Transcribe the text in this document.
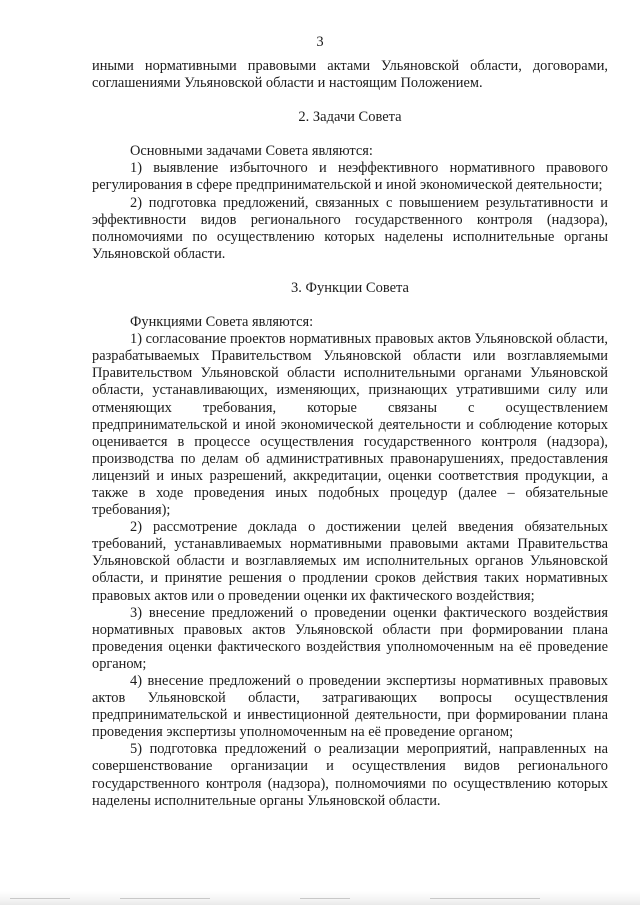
3

иными нормативными правовыми актами Ульяновской области, договорами, соглашениями Ульяновской области и настоящим Положением.

2. Задачи Совета

Основными задачами Совета являются:

1) выявление избыточного и неэффективного нормативного правового регулирования в сфере предпринимательской и иной экономической деятельности;

2) подготовка предложений, связанных с повышением результативности и эффективности видов регионального государственного контроля (надзора), полномочиями по осуществлению которых наделены исполнительные органы Ульяновской области.

3. Функции Совета

Функциями Совета являются:

1) согласование проектов нормативных правовых актов Ульяновской области, разрабатываемых Правительством Ульяновской области или возглавляемыми Правительством Ульяновской области исполнительными органами Ульяновской области, устанавливающих, изменяющих, признающих утратившими силу или отменяющих требования, которые связаны с осуществлением предпринимательской и иной экономической деятельности и соблюдение которых оценивается в процессе осуществления государственного контроля (надзора), производства по делам об административных правонарушениях, предоставления лицензий и иных разрешений, аккредитации, оценки соответствия продукции, а также в ходе проведения иных подобных процедур (далее – обязательные требования);

2) рассмотрение доклада о достижении целей введения обязательных требований, устанавливаемых нормативными правовыми актами Правительства Ульяновской области и возглавляемых им исполнительных органов Ульяновской области, и принятие решения о продлении сроков действия таких нормативных правовых актов или о проведении оценки их фактического воздействия;

3) внесение предложений о проведении оценки фактического воздействия нормативных правовых актов Ульяновской области при формировании плана проведения оценки фактического воздействия уполномоченным на её проведение органом;

4) внесение предложений о проведении экспертизы нормативных правовых актов Ульяновской области, затрагивающих вопросы осуществления предпринимательской и инвестиционной деятельности, при формировании плана проведения экспертизы уполномоченным на её проведение органом;

5) подготовка предложений о реализации мероприятий, направленных на совершенствование организации и осуществления видов регионального государственного контроля (надзора), полномочиями по осуществлению которых наделены исполнительные органы Ульяновской области.
